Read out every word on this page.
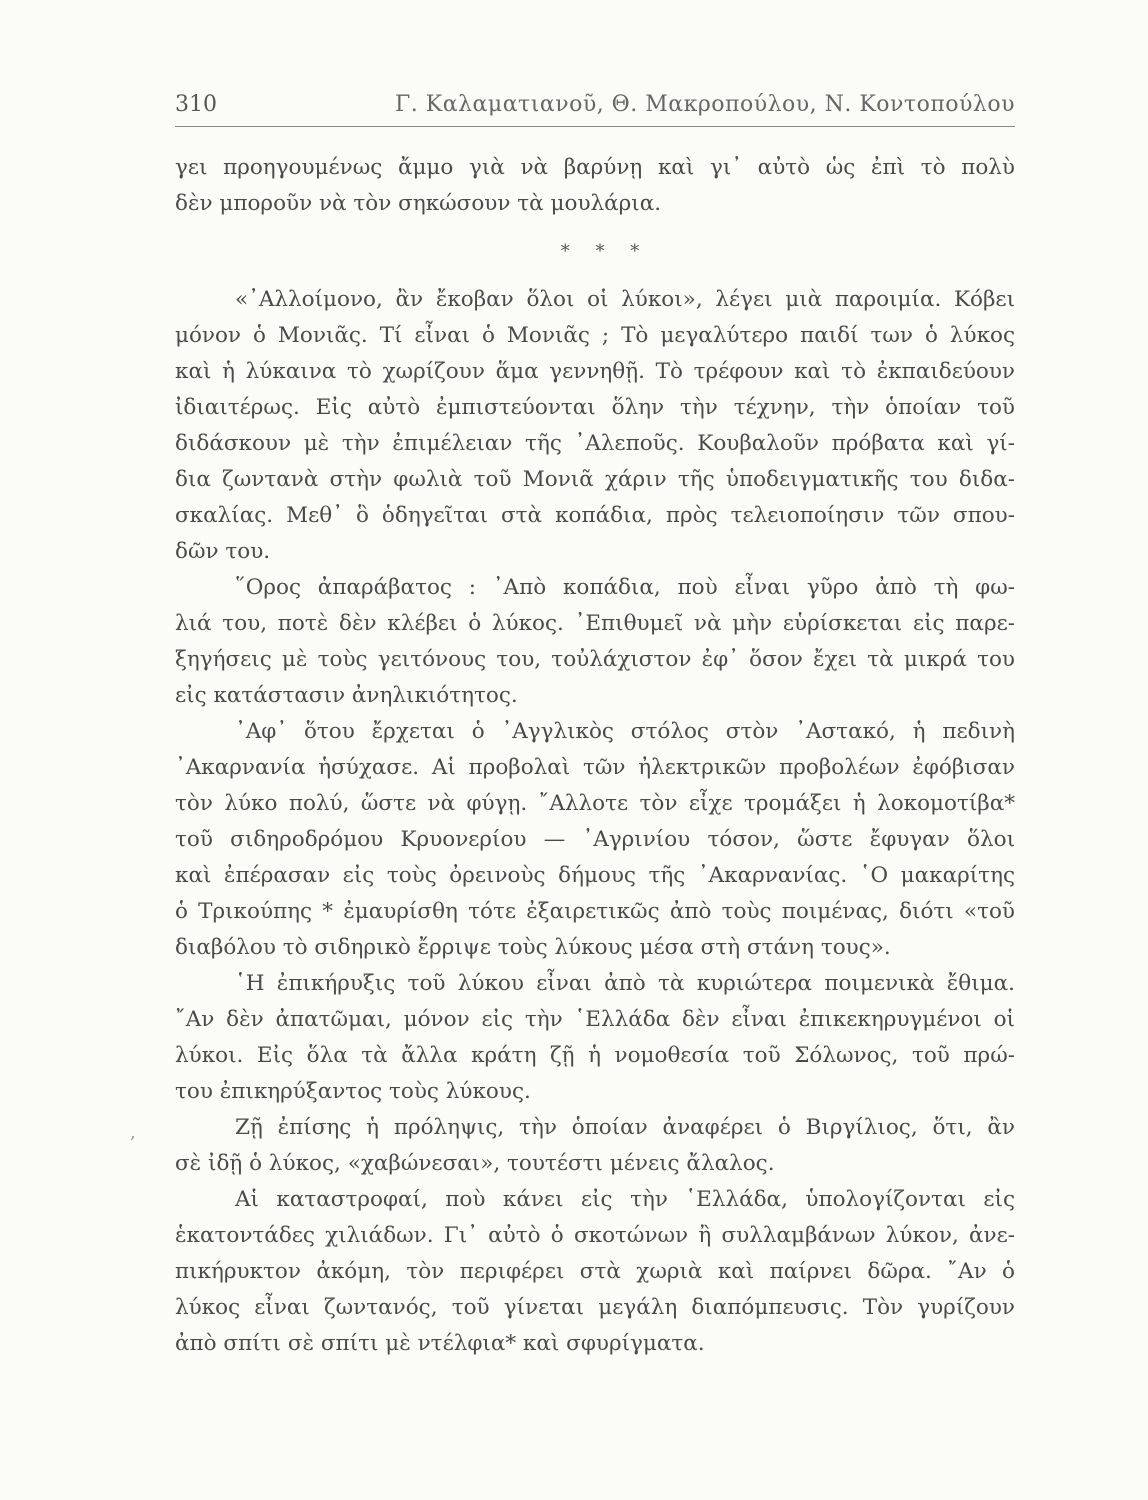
310	Γ. Καλαματιανοῦ, Θ. Μακροπούλου, Ν. Κοντοπούλου
,
γει προηγουμένως ἄμμο γιὰ νὰ βαρύνῃ καὶ γι᾽ αὐτὸ ὡς ἐπὶ τὸ πολὺ
δὲν μποροῦν νὰ τὸν σηκώσουν τὰ μουλάρια.
* * *
«᾽Αλλοίμονο, ἂν ἔκοβαν ὅλοι οἱ λύκοι», λέγει μιὰ παροιμία. Κόβει
μόνον ὁ Μονιᾶς. Τί εἶναι ὁ Μονιᾶς ; Τὸ μεγαλύτερο παιδί των ὁ λύκος
καὶ ἡ λύκαινα τὸ χωρίζουν ἅμα γεννηθῇ. Τὸ τρέφουν καὶ τὸ ἐκπαιδεύουν
ἰδιαιτέρως. Εἰς αὐτὸ ἐμπιστεύονται ὅλην τὴν τέχνην, τὴν ὁποίαν τοῦ
διδάσκουν μὲ τὴν ἐπιμέλειαν τῆς ᾽Αλεποῦς. Κουβαλοῦν πρόβατα καὶ γί-
δια ζωντανὰ στὴν φωλιὰ τοῦ Μονιᾶ χάριν τῆς ὑποδειγματικῆς του διδα-
σκαλίας. Μεθ᾽ ὃ ὁδηγεῖται στὰ κοπάδια, πρὸς τελειοποίησιν τῶν σπου-
δῶν του.
῞Ορος ἀπαράβατος : ᾽Απὸ κοπάδια, ποὺ εἶναι γῦρο ἀπὸ τὴ φω-
λιά του, ποτὲ δὲν κλέβει ὁ λύκος. ᾽Επιθυμεῖ νὰ μὴν εὑρίσκεται εἰς παρε-
ξηγήσεις μὲ τοὺς γειτόνους του, τοὐλάχιστον ἐφ᾽ ὅσον ἔχει τὰ μικρά του
εἰς κατάστασιν ἀνηλικιότητος.
᾽Αφ᾽ ὅτου ἔρχεται ὁ ᾽Αγγλικὸς στόλος στὸν ᾽Αστακό, ἡ πεδινὴ
᾽Ακαρνανία ἡσύχασε. Αἱ προβολαὶ τῶν ἠλεκτρικῶν προβολέων ἐφόβισαν
τὸν λύκο πολύ, ὥστε νὰ φύγῃ. ῎Αλλοτε τὸν εἶχε τρομάξει ἡ λοκομοτίβα*
τοῦ σιδηροδρόμου Κρυονερίου — ᾽Αγρινίου τόσον, ὥστε ἔφυγαν ὅλοι
καὶ ἐπέρασαν εἰς τοὺς ὀρεινοὺς δήμους τῆς ᾽Ακαρνανίας. ῾Ο μακαρίτης
ὁ Τρικούπης * ἐμαυρίσθη τότε ἐξαιρετικῶς ἀπὸ τοὺς ποιμένας, διότι «τοῦ
διαβόλου τὸ σιδηρικὸ ἔρριψε τοὺς λύκους μέσα στὴ στάνη τους».
῾Η ἐπικήρυξις τοῦ λύκου εἶναι ἀπὸ τὰ κυριώτερα ποιμενικὰ ἔθιμα.
῎Αν δὲν ἀπατῶμαι, μόνον εἰς τὴν ῾Ελλάδα δὲν εἶναι ἐπικεκηρυγμένοι οἱ
λύκοι. Εἰς ὅλα τὰ ἄλλα κράτη ζῇ ἡ νομοθεσία τοῦ Σόλωνος, τοῦ πρώ-
του ἐπικηρύξαντος τοὺς λύκους.
Ζῇ ἐπίσης ἡ πρόληψις, τὴν ὁποίαν ἀναφέρει ὁ Βιργίλιος, ὅτι, ἂν
σὲ ἰδῇ ὁ λύκος, «χαβώνεσαι», τουτέστι μένεις ἄλαλος.
Αἱ καταστροφαί, ποὺ κάνει εἰς τὴν ῾Ελλάδα, ὑπολογίζονται εἰς
ἑκατοντάδες χιλιάδων. Γι᾽ αὐτὸ ὁ σκοτώνων ἢ συλλαμβάνων λύκον, ἀνε-
πικήρυκτον ἀκόμη, τὸν περιφέρει στὰ χωριὰ καὶ παίρνει δῶρα. ῎Αν ὁ
λύκος εἶναι ζωντανός, τοῦ γίνεται μεγάλη διαπόμπευσις. Τὸν γυρίζουν
ἀπὸ σπίτι σὲ σπίτι μὲ ντέλφια* καὶ σφυρίγματα.
